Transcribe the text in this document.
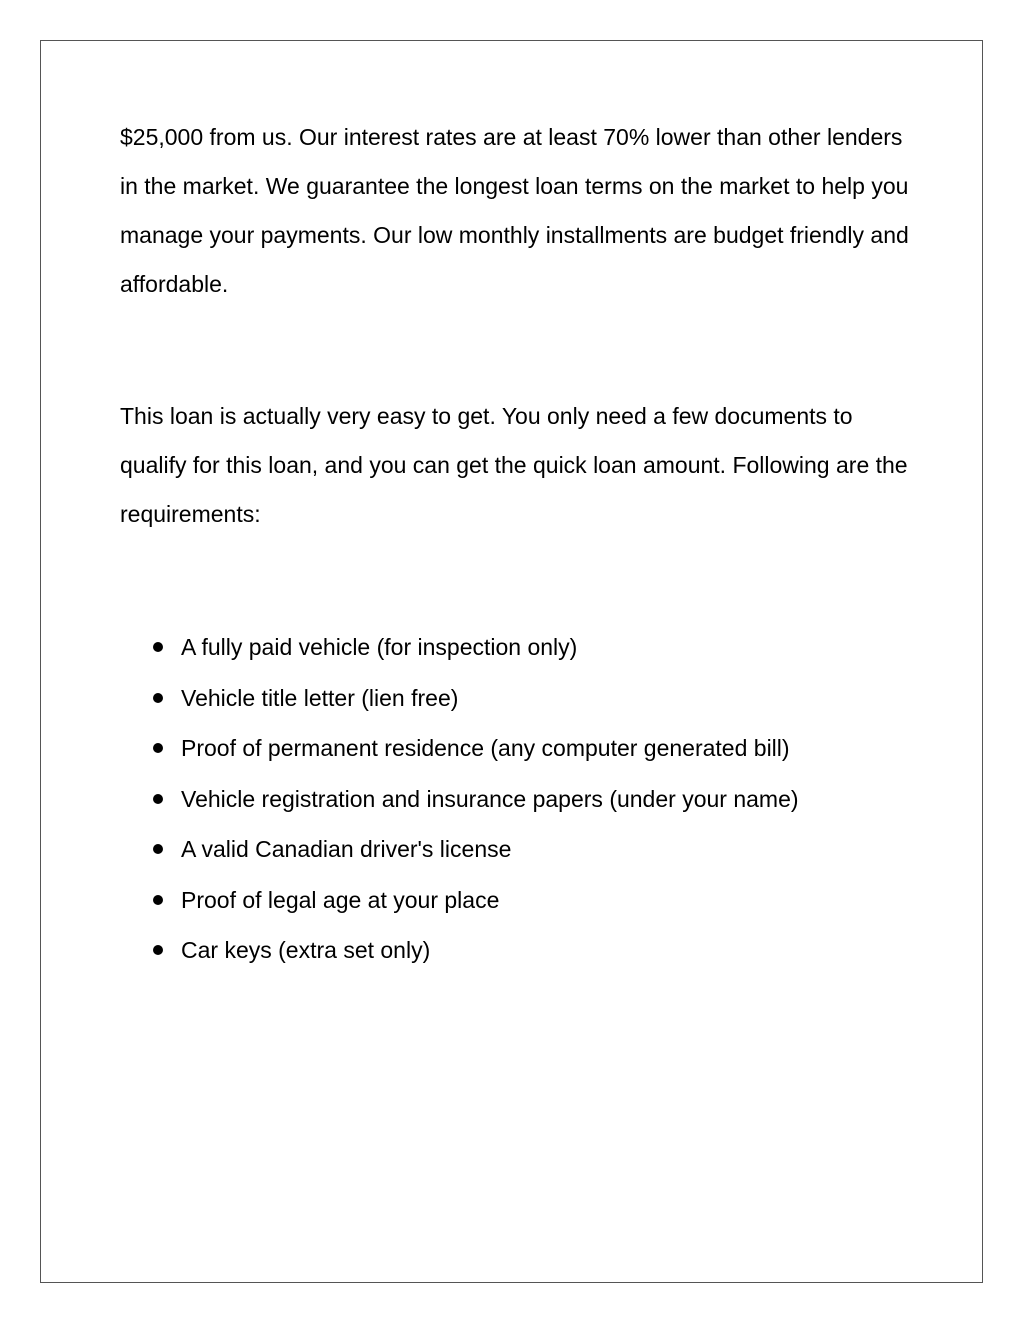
$25,000 from us. Our interest rates are at least 70% lower than other lenders in the market. We guarantee the longest loan terms on the market to help you manage your payments. Our low monthly installments are budget friendly and affordable.

This loan is actually very easy to get. You only need a few documents to qualify for this loan, and you can get the quick loan amount. Following are the requirements:

A fully paid vehicle (for inspection only)
Vehicle title letter (lien free)
Proof of permanent residence (any computer generated bill)
Vehicle registration and insurance papers (under your name)
A valid Canadian driver's license
Proof of legal age at your place
Car keys (extra set only)
